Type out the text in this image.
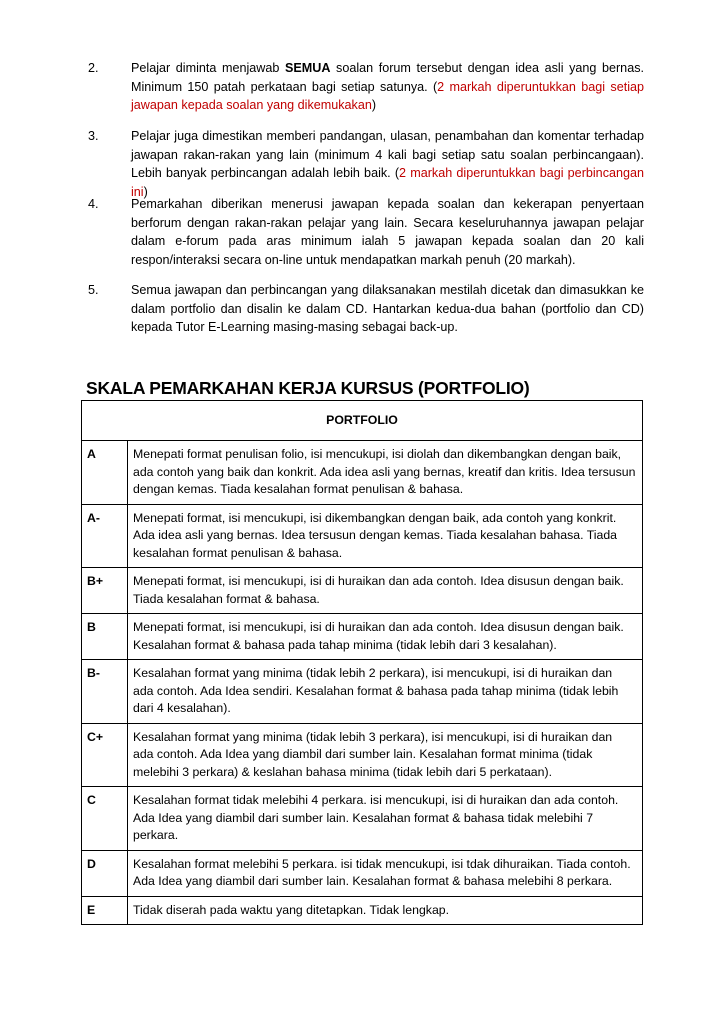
2.	Pelajar diminta menjawab SEMUA soalan forum tersebut dengan idea asli yang bernas. Minimum 150 patah perkataan bagi setiap satunya. (2 markah diperuntukkan bagi setiap jawapan kepada soalan yang dikemukakan)
3.	Pelajar juga dimestikan memberi pandangan, ulasan, penambahan dan komentar terhadap jawapan rakan-rakan yang lain (minimum 4 kali bagi setiap satu soalan perbincangaan). Lebih banyak perbincangan adalah lebih baik. (2 markah diperuntukkan bagi perbincangan ini)
4.	Pemarkahan diberikan menerusi jawapan kepada soalan dan kekerapan penyertaan berforum dengan rakan-rakan pelajar yang lain. Secara keseluruhannya jawapan pelajar dalam e-forum pada aras minimum ialah 5 jawapan kepada soalan dan 20 kali respon/interaksi secara on-line untuk mendapatkan markah penuh (20 markah).
5.	Semua jawapan dan perbincangan yang dilaksanakan mestilah dicetak dan dimasukkan ke dalam portfolio dan disalin ke dalam CD. Hantarkan kedua-dua bahan (portfolio dan CD) kepada Tutor E-Learning masing-masing sebagai back-up.
SKALA PEMARKAHAN KERJA KURSUS (PORTFOLIO)
PORTFOLIO	
A	Menepati format penulisan folio, isi mencukupi, isi diolah dan dikembangkan dengan baik, ada contoh yang baik dan konkrit. Ada idea asli yang bernas, kreatif dan kritis. Idea tersusun dengan kemas. Tiada kesalahan format penulisan & bahasa.
A-	Menepati format, isi mencukupi, isi dikembangkan dengan baik, ada contoh yang konkrit. Ada idea asli yang bernas. Idea tersusun dengan kemas. Tiada kesalahan bahasa. Tiada kesalahan format penulisan & bahasa.
B+	Menepati format, isi mencukupi, isi di huraikan dan ada contoh. Idea disusun dengan baik. Tiada kesalahan format & bahasa.
B	Menepati format, isi mencukupi, isi di huraikan dan ada contoh. Idea disusun dengan baik. Kesalahan format & bahasa pada tahap minima (tidak lebih dari 3 kesalahan).
B-	Kesalahan format yang minima (tidak lebih 2 perkara), isi mencukupi, isi di huraikan dan ada contoh. Ada Idea sendiri. Kesalahan format & bahasa pada tahap minima (tidak lebih dari 4 kesalahan).
C+	Kesalahan format yang minima (tidak lebih 3 perkara), isi mencukupi, isi di huraikan dan ada contoh. Ada Idea yang diambil dari sumber lain. Kesalahan format minima (tidak melebihi 3 perkara) & keslahan bahasa minima (tidak lebih dari 5 perkataan).
C	Kesalahan format tidak melebihi 4 perkara. isi mencukupi, isi di huraikan dan ada contoh. Ada Idea yang diambil dari sumber lain. Kesalahan format & bahasa tidak melebihi 7 perkara.
D	Kesalahan format melebihi 5 perkara. isi tidak mencukupi, isi tdak dihuraikan. Tiada contoh. Ada Idea yang diambil dari sumber lain. Kesalahan format & bahasa melebihi 8 perkara.
E	Tidak diserah pada waktu yang ditetapkan. Tidak lengkap.
